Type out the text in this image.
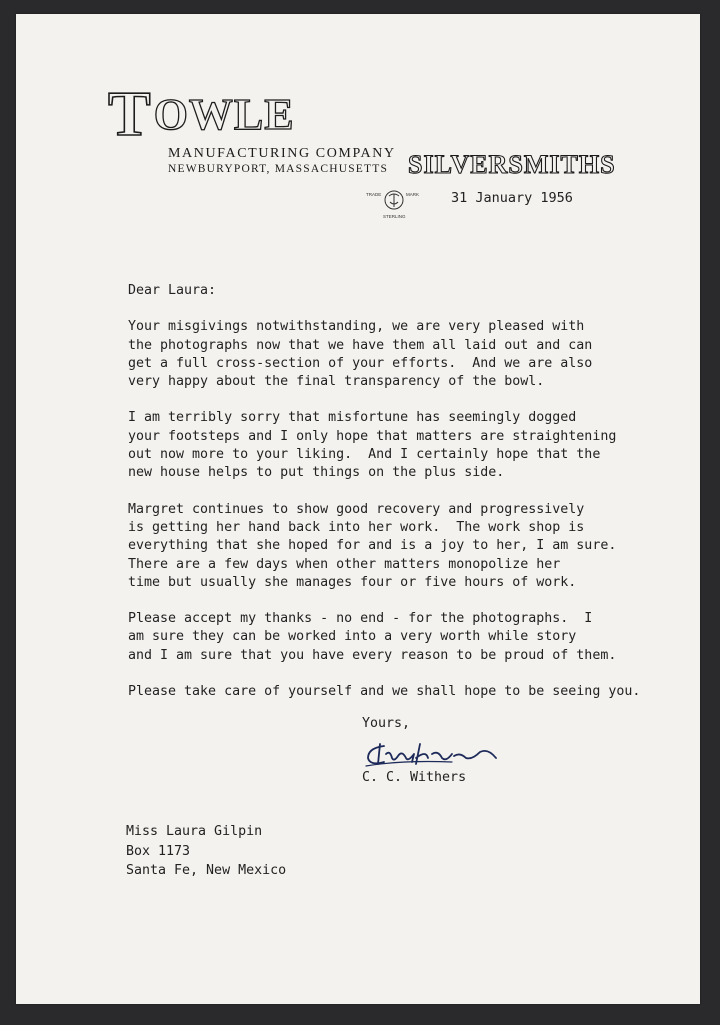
TOWLE
MANUFACTURING COMPANY
NEWBURYPORT, MASSACHUSETTS SILVERSMITHS
TRADE	MARK
STERLING
31 January 1956

Dear Laura:

Your misgivings notwithstanding, we are very pleased with

the photographs now that we have them all laid out and can

get a full cross-section of your efforts.  And we are also

very happy about the final transparency of the bowl.

I am terribly sorry that misfortune has seemingly dogged

your footsteps and I only hope that matters are straightening

out now more to your liking.  And I certainly hope that the

new house helps to put things on the plus side.

Margret continues to show good recovery and progressively

is getting her hand back into her work.  The work shop is

everything that she hoped for and is a joy to her, I am sure.

There are a few days when other matters monopolize her

time but usually she manages four or five hours of work.

Please accept my thanks - no end - for the photographs.  I

am sure they can be worked into a very worth while story

and I am sure that you have every reason to be proud of them.

Please take care of yourself and we shall hope to be seeing you.

Yours,
C. C. Withers
Miss Laura Gilpin
Box 1173
Santa Fe, New Mexico
